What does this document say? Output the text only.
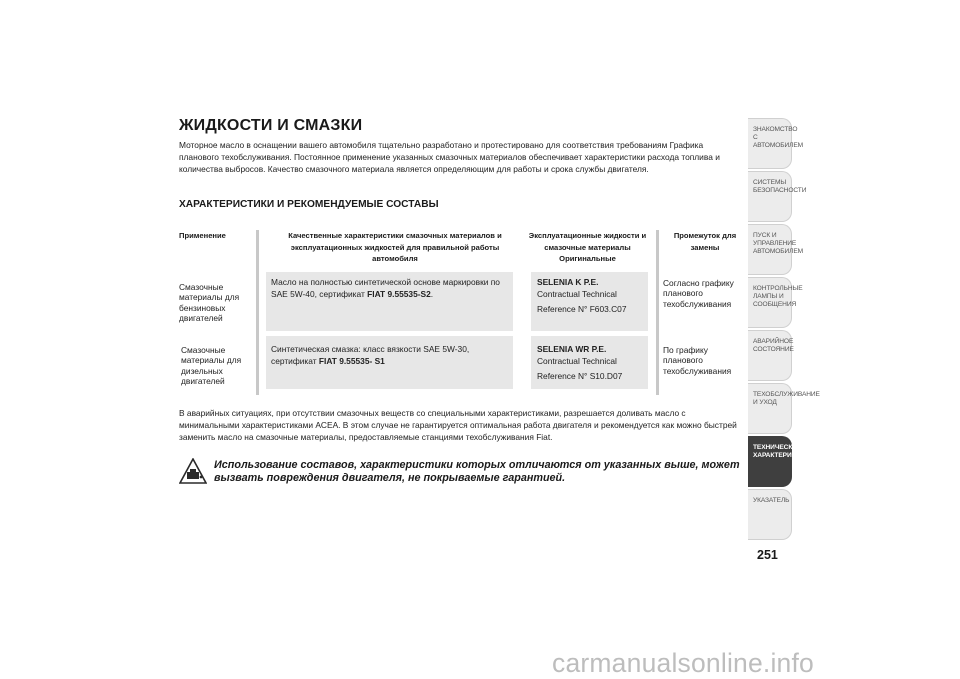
ЖИДКОСТИ И СМАЗКИ
Моторное масло в оснащении вашего автомобиля тщательно разработано и протестировано для соответствия требованиям Графика планового техобслуживания. Постоянное применение указанных смазочных материалов обеспечивает характеристики расхода топлива и количества выбросов. Качество смазочного материала является определяющим для работы и срока службы двигателя.
ХАРАКТЕРИСТИКИ И РЕКОМЕНДУЕМЫЕ СОСТАВЫ
Применение	Качественные характеристики смазочных материалов и эксплуатационных жидкостей для правильной работы автомобиля
Эксплуатационные жидкости и смазочные материалы Оригинальные
Промежуток для замены
Смазочные материалы для бензиновых двигателей
Масло на полностью синтетической основе маркировки по SAE 5W-40, сертификат FIAT 9.55535-S2.
SELENIA K P.E.
Contractual Technical
Reference N° F603.C07
Согласно графику планового техобслуживания
Смазочные материалы для дизельных двигателей
Синтетическая смазка: класс вязкости SAE 5W-30, сертификат FIAT 9.55535- S1
SELENIA WR P.E.
Contractual Technical
Reference N° S10.D07
По графику планового техобслуживания
В аварийных ситуациях, при отсутствии смазочных веществ со специальными характеристиками, разрешается доливать масло с минимальными характеристиками ACEA. В этом случае не гарантируется оптимальная работа двигателя и рекомендуется как можно быстрей заменить масло на смазочные материалы, предоставляемые станциями техобслуживания Fiat.
Использование составов, характеристики которых отличаются от указанных выше, может вызвать повреждения двигателя, не покрываемые гарантией.
ЗНАКОМСТВО С АВТОМОБИЛЕМ
СИСТЕМЫ БЕЗОПАСНОСТИ
ПУСК И УПРАВЛЕНИЕ АВТОМОБИЛЕМ
КОНТРОЛЬНЫЕ ЛАМПЫ И СООБЩЕНИЯ
АВАРИЙНОЕ СОСТОЯНИЕ
ТЕХОБСЛУЖИВАНИЕ И УХОД
ТЕХНИЧЕСКИЕ ХАРАКТЕРИСТИКИ
УКАЗАТЕЛЬ
251
carmanualsonline.info
